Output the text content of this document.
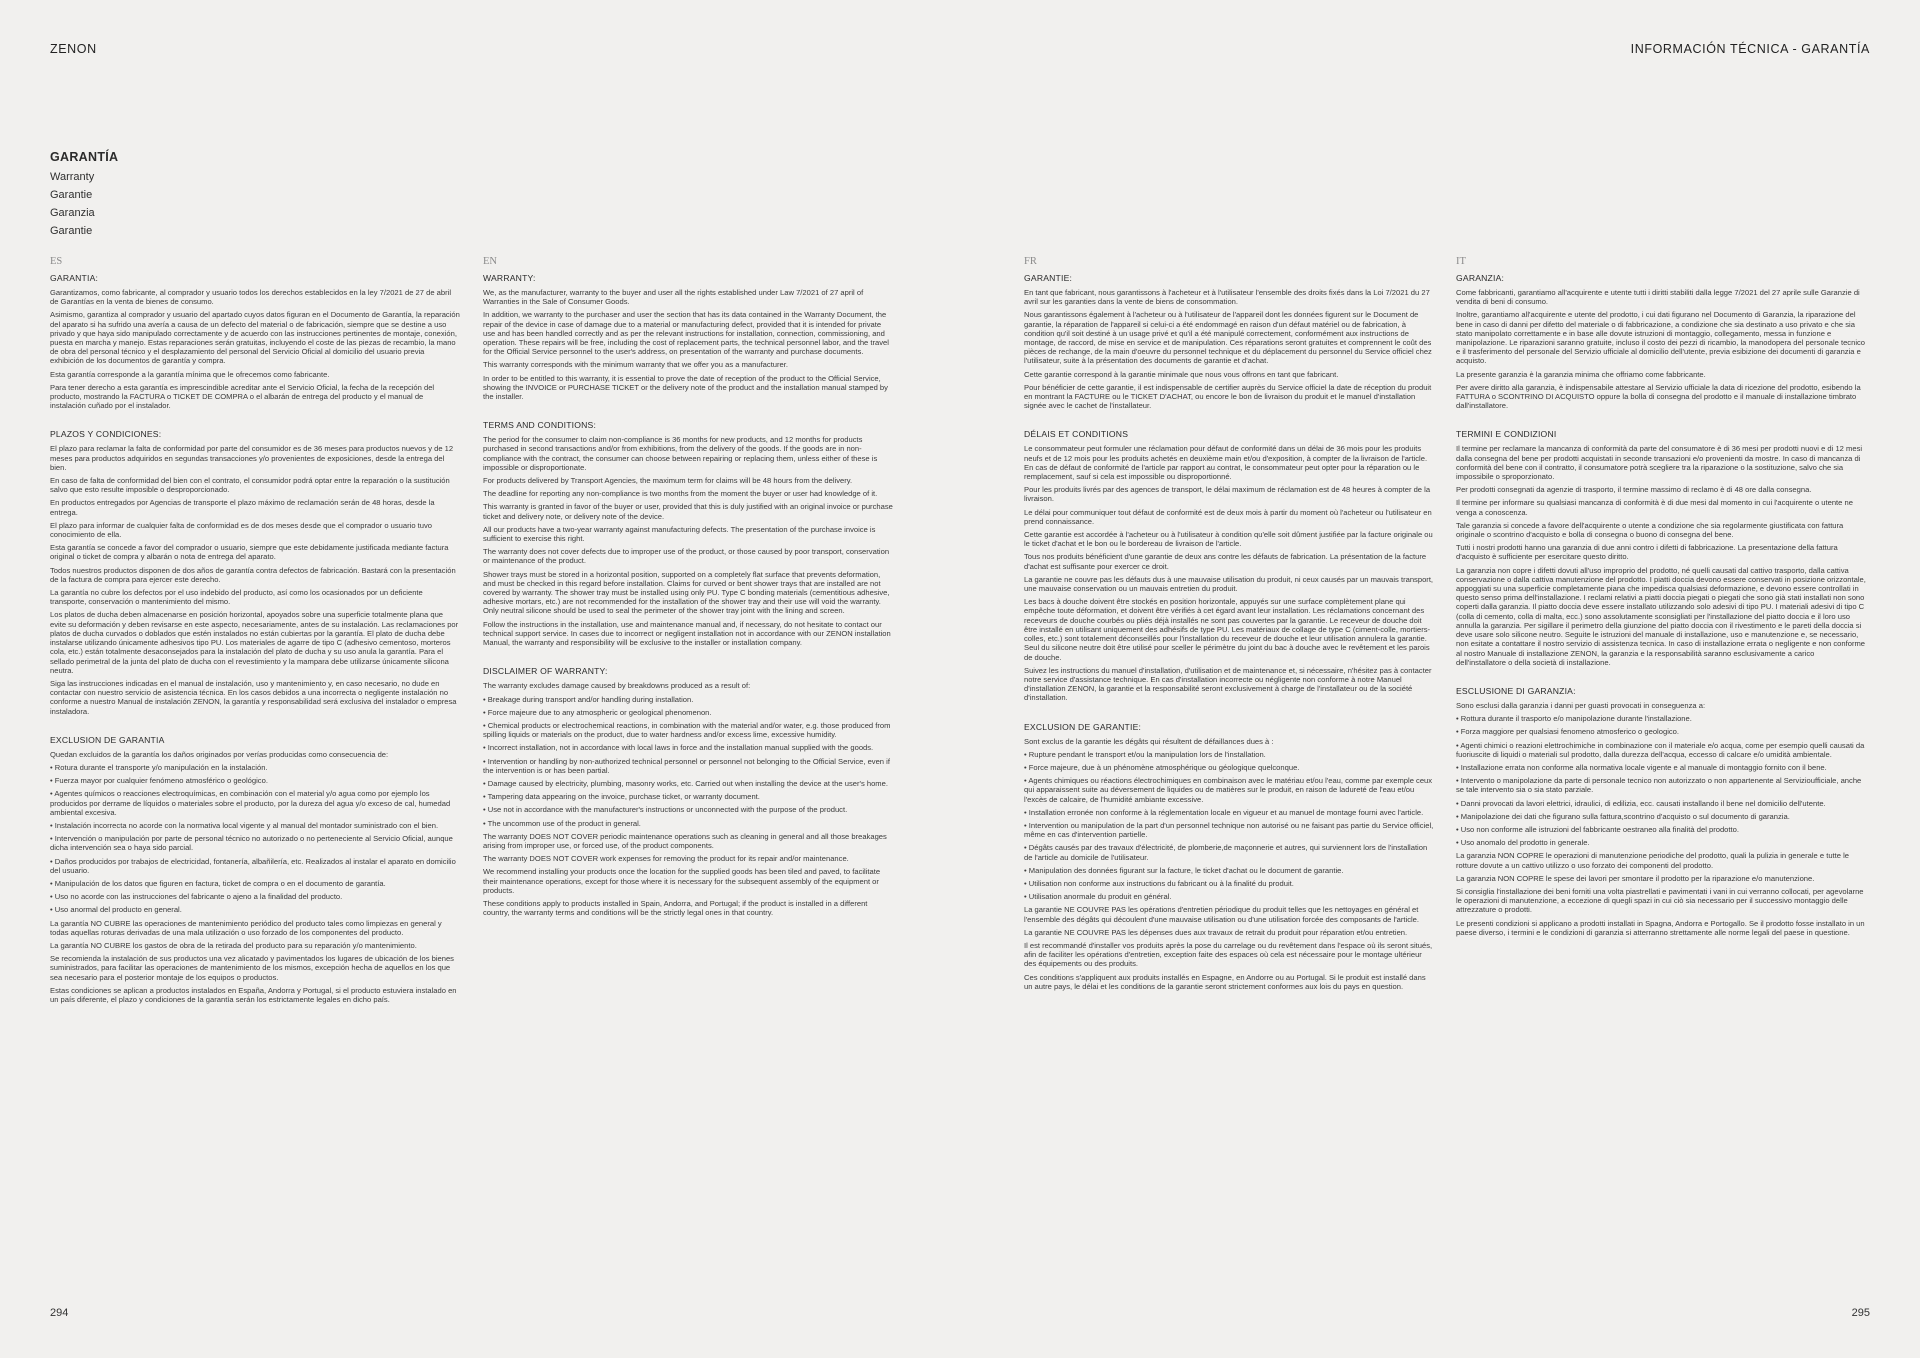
ZENON	INFORMACIÓN TÉCNICA - GARANTÍA
GARANTÍA
Warranty
Garantie
Garanzia
Garantie
ES
GARANTIA:
Garantizamos, como fabricante, al comprador y usuario todos los derechos establecidos en la ley 7/2021 de 27 de abril de Garantías en la venta de bienes de consumo.
Asimismo, garantiza al comprador y usuario del apartado cuyos datos figuran en el Documento de Garantía, la reparación del aparato si ha sufrido una avería a causa de un defecto del material o de fabricación, siempre que se destine a uso privado y que haya sido manipulado correctamente y de acuerdo con las instrucciones pertinentes de montaje, conexión, puesta en marcha y manejo. Estas reparaciones serán gratuitas, incluyendo el coste de las piezas de recambio, la mano de obra del personal técnico y el desplazamiento del personal del Servicio Oficial al domicilio del usuario previa exhibición de los documentos de garantía y compra.
Esta garantía corresponde a la garantía mínima que le ofrecemos como fabricante.
Para tener derecho a esta garantía es imprescindible acreditar ante el Servicio Oficial, la fecha de la recepción del producto, mostrando la FACTURA o TICKET DE COMPRA o el albarán de entrega del producto y el manual de instalación cuñado por el instalador.
PLAZOS Y CONDICIONES:
El plazo para reclamar la falta de conformidad por parte del consumidor es de 36 meses para productos nuevos y de 12 meses para productos adquiridos en segundas transacciones y/o provenientes de exposiciones, desde la entrega del bien.
En caso de falta de conformidad del bien con el contrato, el consumidor podrá optar entre la reparación o la sustitución salvo que esto resulte imposible o desproporcionado.
En productos entregados por Agencias de transporte el plazo máximo de reclamación serán de 48 horas, desde la entrega.
El plazo para informar de cualquier falta de conformidad es de dos meses desde que el comprador o usuario tuvo conocimiento de ella.
Esta garantía se concede a favor del comprador o usuario, siempre que este debidamente justificada mediante factura original o ticket de compra y albarán o nota de entrega del aparato.
Todos nuestros productos disponen de dos años de garantía contra defectos de fabricación. Bastará con la presentación de la factura de compra para ejercer este derecho.
La garantía no cubre los defectos por el uso indebido del producto, así como los ocasionados por un deficiente transporte, conservación o mantenimiento del mismo.
Los platos de ducha deben almacenarse en posición horizontal, apoyados sobre una superficie totalmente plana que evite su deformación y deben revisarse en este aspecto, necesariamente, antes de su instalación. Las reclamaciones por platos de ducha curvados o doblados que estén instalados no están cubiertas por la garantía. El plato de ducha debe instalarse utilizando únicamente adhesivos tipo PU. Los materiales de agarre de tipo C (adhesivo cementoso, morteros cola, etc.) están totalmente desaconsejados para la instalación del plato de ducha y su uso anula la garantía. Para el sellado perimetral de la junta del plato de ducha con el revestimiento y la mampara debe utilizarse únicamente silicona neutra.
Siga las instrucciones indicadas en el manual de instalación, uso y mantenimiento y, en caso necesario, no dude en contactar con nuestro servicio de asistencia técnica. En los casos debidos a una incorrecta o negligente instalación no conforme a nuestro Manual de instalación ZENON, la garantía y responsabilidad será exclusiva del instalador o empresa instaladora.
EXCLUSION DE GARANTIA
Quedan excluidos de la garantía los daños originados por verías producidas como consecuencia de:
• Rotura durante el transporte y/o manipulación en la instalación.
• Fuerza mayor por cualquier fenómeno atmosférico o geológico.
• Agentes químicos o reacciones electroquímicas, en combinación con el material y/o agua como por ejemplo los producidos por derrame de líquidos o materiales sobre el producto, por la dureza del agua y/o exceso de cal, humedad ambiental excesiva.
• Instalación incorrecta no acorde con la normativa local vigente y al manual del montador suministrado con el bien.
• Intervención o manipulación por parte de personal técnico no autorizado o no perteneciente al Servicio Oficial, aunque dicha intervención sea o haya sido parcial.
• Daños producidos por trabajos de electricidad, fontanería, albañilería, etc. Realizados al instalar el aparato en domicilio del usuario.
• Manipulación de los datos que figuren en factura, ticket de compra o en el documento de garantía.
• Uso no acorde con las instrucciones del fabricante o ajeno a la finalidad del producto.
• Uso anormal del producto en general.
La garantía NO CUBRE las operaciones de mantenimiento periódico del producto tales como limpiezas en general y todas aquellas roturas derivadas de una mala utilización o uso forzado de los componentes del producto.
La garantía NO CUBRE los gastos de obra de la retirada del producto para su reparación y/o mantenimiento.
Se recomienda la instalación de sus productos una vez alicatado y pavimentados los lugares de ubicación de los bienes suministrados, para facilitar las operaciones de mantenimiento de los mismos, excepción hecha de aquellos en los que sea necesario para el posterior montaje de los equipos o productos.
Estas condiciones se aplican a productos instalados en España, Andorra y Portugal, si el producto estuviera instalado en un país diferente, el plazo y condiciones de la garantía serán los estrictamente legales en dicho país.
EN
WARRANTY:
We, as the manufacturer, warranty to the buyer and user all the rights established under Law 7/2021 of 27 april of Warranties in the Sale of Consumer Goods.
In addition, we warranty to the purchaser and user the section that has its data contained in the Warranty Document, the repair of the device in case of damage due to a material or manufacturing defect, provided that it is intended for private use and has been handled correctly and as per the relevant instructions for installation, connection, commissioning, and operation. These repairs will be free, including the cost of replacement parts, the technical personnel labor, and the travel for the Official Service personnel to the user's address, on presentation of the warranty and purchase documents.
This warranty corresponds with the minimum warranty that we offer you as a manufacturer.
In order to be entitled to this warranty, it is essential to prove the date of reception of the product to the Official Service, showing the INVOICE or PURCHASE TICKET or the delivery note of the product and the installation manual stamped by the installer.
TERMS AND CONDITIONS:
The period for the consumer to claim non-compliance is 36 months for new products, and 12 months for products purchased in second transactions and/or from exhibitions, from the delivery of the goods. If the goods are in non-compliance with the contract, the consumer can choose between repairing or replacing them, unless either of these is impossible or disproportionate.
For products delivered by Transport Agencies, the maximum term for claims will be 48 hours from the delivery.
The deadline for reporting any non-compliance is two months from the moment the buyer or user had knowledge of it.
This warranty is granted in favor of the buyer or user, provided that this is duly justified with an original invoice or purchase ticket and delivery note, or delivery note of the device.
All our products have a two-year warranty against manufacturing defects. The presentation of the purchase invoice is sufficient to exercise this right.
The warranty does not cover defects due to improper use of the product, or those caused by poor transport, conservation or maintenance of the product.
Shower trays must be stored in a horizontal position, supported on a completely flat surface that prevents deformation, and must be checked in this regard before installation. Claims for curved or bent shower trays that are installed are not covered by warranty. The shower tray must be installed using only PU. Type C bonding materials (cementitious adhesive, adhesive mortars, etc.) are not recommended for the installation of the shower tray and their use will void the warranty. Only neutral silicone should be used to seal the perimeter of the shower tray joint with the lining and screen.
Follow the instructions in the installation, use and maintenance manual and, if necessary, do not hesitate to contact our technical support service. In cases due to incorrect or negligent installation not in accordance with our ZENON installation Manual, the warranty and responsibility will be exclusive to the installer or installation company.
DISCLAIMER OF WARRANTY:
The warranty excludes damage caused by breakdowns produced as a result of:
• Breakage during transport and/or handling during installation.
• Force majeure due to any atmospheric or geological phenomenon.
• Chemical products or electrochemical reactions, in combination with the material and/or water, e.g. those produced from spilling liquids or materials on the product, due to water hardness and/or excess lime, excessive humidity.
• Incorrect installation, not in accordance with local laws in force and the installation manual supplied with the goods.
• Intervention or handling by non-authorized technical personnel or personnel not belonging to the Official Service, even if the intervention is or has been partial.
• Damage caused by electricity, plumbing, masonry works, etc. Carried out when installing the device at the user's home.
• Tampering data appearing on the invoice, purchase ticket, or warranty document.
• Use not in accordance with the manufacturer's instructions or unconnected with the purpose of the product.
• The uncommon use of the product in general.
The warranty DOES NOT COVER periodic maintenance operations such as cleaning in general and all those breakages arising from improper use, or forced use, of the product components.
The warranty DOES NOT COVER work expenses for removing the product for its repair and/or maintenance.
We recommend installing your products once the location for the supplied goods has been tiled and paved, to facilitate their maintenance operations, except for those where it is necessary for the subsequent assembly of the equipment or products.
These conditions apply to products installed in Spain, Andorra, and Portugal; if the product is installed in a different country, the warranty terms and conditions will be the strictly legal ones in that country.
FR
GARANTIE:
En tant que fabricant, nous garantissons à l'acheteur et à l'utilisateur l'ensemble des droits fixés dans la Loi 7/2021 du 27 avril sur les garanties dans la vente de biens de consommation.
Nous garantissons également à l'acheteur ou à l'utilisateur de l'appareil dont les données figurent sur le Document de garantie, la réparation de l'appareil si celui-ci a été endommagé en raison d'un défaut matériel ou de fabrication, à condition qu'il soit destiné à un usage privé et qu'il a été manipulé correctement, conformément aux instructions de montage, de raccord, de mise en service et de manipulation. Ces réparations seront gratuites et comprennent le coût des pièces de rechange, de la main d'oeuvre du personnel technique et du déplacement du personnel du Service officiel chez l'utilisateur, suite à la présentation des documents de garantie et d'achat.
Cette garantie correspond à la garantie minimale que nous vous offrons en tant que fabricant.
Pour bénéficier de cette garantie, il est indispensable de certifier auprès du Service officiel la date de réception du produit en montrant la FACTURE ou le TICKET D'ACHAT, ou encore le bon de livraison du produit et le manuel d'installation signée avec le cachet de l'installateur.
DÉLAIS ET CONDITIONS
Le consommateur peut formuler une réclamation pour défaut de conformité dans un délai de 36 mois pour les produits neufs et de 12 mois pour les produits achetés en deuxième main et/ou d'exposition, à compter de la livraison de l'article. En cas de défaut de conformité de l'article par rapport au contrat, le consommateur peut opter pour la réparation ou le remplacement, sauf si cela est impossible ou disproportionné.
Pour les produits livrés par des agences de transport, le délai maximum de réclamation est de 48 heures à compter de la livraison.
Le délai pour communiquer tout défaut de conformité est de deux mois à partir du moment où l'acheteur ou l'utilisateur en prend connaissance.
Cette garantie est accordée à l'acheteur ou à l'utilisateur à condition qu'elle soit dûment justifiée par la facture originale ou le ticket d'achat et le bon ou le bordereau de livraison de l'article.
Tous nos produits bénéficient d'une garantie de deux ans contre les défauts de fabrication. La présentation de la facture d'achat est suffisante pour exercer ce droit.
La garantie ne couvre pas les défauts dus à une mauvaise utilisation du produit, ni ceux causés par un mauvais transport, une mauvaise conservation ou un mauvais entretien du produit.
Les bacs à douche doivent être stockés en position horizontale, appuyés sur une surface complètement plane qui empêche toute déformation, et doivent être vérifiés à cet égard avant leur installation. Les réclamations concernant des receveurs de douche courbés ou pliés déjà installés ne sont pas couvertes par la garantie. Le receveur de douche doit être installé en utilisant uniquement des adhésifs de type PU. Les matériaux de collage de type C (ciment-colle, mortiers-colles, etc.) sont totalement déconseillés pour l'installation du receveur de douche et leur utilisation annulera la garantie. Seul du silicone neutre doit être utilisé pour sceller le périmètre du joint du bac à douche avec le revêtement et les parois de douche.
Suivez les instructions du manuel d'installation, d'utilisation et de maintenance et, si nécessaire, n'hésitez pas à contacter notre service d'assistance technique. En cas d'installation incorrecte ou négligente non conforme à notre Manuel d'installation ZENON, la garantie et la responsabilité seront exclusivement à charge de l'installateur ou de la société d'installation.
EXCLUSION DE GARANTIE:
Sont exclus de la garantie les dégâts qui résultent de défaillances dues à :
• Rupture pendant le transport et/ou la manipulation lors de l'installation.
• Force majeure, due à un phénomène atmosphérique ou géologique quelconque.
• Agents chimiques ou réactions électrochimiques en combinaison avec le matériau et/ou l'eau, comme par exemple ceux qui apparaissent suite au déversement de liquides ou de matières sur le produit, en raison de ladureté de l'eau et/ou l'excès de calcaire, de l'humidité ambiante excessive.
• Installation erronée non conforme à la réglementation locale en vigueur et au manuel de montage fourni avec l'article.
• Intervention ou manipulation de la part d'un personnel technique non autorisé ou ne faisant pas partie du Service officiel, même en cas d'intervention partielle.
• Dégâts causés par des travaux d'électricité, de plomberie,de maçonnerie et autres, qui surviennent lors de l'installation de l'article au domicile de l'utilisateur.
• Manipulation des données figurant sur la facture, le ticket d'achat ou le document de garantie.
• Utilisation non conforme aux instructions du fabricant ou à la finalité du produit.
• Utilisation anormale du produit en général.
La garantie NE COUVRE PAS les opérations d'entretien périodique du produit telles que les nettoyages en général et l'ensemble des dégâts qui découlent d'une mauvaise utilisation ou d'une utilisation forcée des composants de l'article.
La garantie NE COUVRE PAS les dépenses dues aux travaux de retrait du produit pour réparation et/ou entretien.
Il est recommandé d'installer vos produits après la pose du carrelage ou du revêtement dans l'espace où ils seront situés, afin de faciliter les opérations d'entretien, exception faite des espaces où cela est nécessaire pour le montage ultérieur des équipements ou des produits.
Ces conditions s'appliquent aux produits installés en Espagne, en Andorre ou au Portugal. Si le produit est installé dans un autre pays, le délai et les conditions de la garantie seront strictement conformes aux lois du pays en question.
IT
GARANZIA:
Come fabbricanti, garantiamo all'acquirente e utente tutti i diritti stabiliti dalla legge 7/2021 del 27 aprile sulle Garanzie di vendita di beni di consumo.
Inoltre, garantiamo all'acquirente e utente del prodotto, i cui dati figurano nel Documento di Garanzia, la riparazione del bene in caso di danni per difetto del materiale o di fabbricazione, a condizione che sia destinato a uso privato e che sia stato manipolato correttamente e in base alle dovute istruzioni di montaggio, collegamento, messa in funzione e manipolazione. Le riparazioni saranno gratuite, incluso il costo dei pezzi di ricambio, la manodopera del personale tecnico e il trasferimento del personale del Servizio ufficiale al domicilio dell'utente, previa esibizione dei documenti di garanzia e acquisto.
La presente garanzia è la garanzia minima che offriamo come fabbricante.
Per avere diritto alla garanzia, è indispensabile attestare al Servizio ufficiale la data di ricezione del prodotto, esibendo la FATTURA o SCONTRINO DI ACQUISTO oppure la bolla di consegna del prodotto e il manuale di installazione timbrato dall'installatore.
TERMINI E CONDIZIONI
Il termine per reclamare la mancanza di conformità da parte del consumatore è di 36 mesi per prodotti nuovi e di 12 mesi dalla consegna del bene per prodotti acquistati in seconde transazioni e/o provenienti da mostre. In caso di mancanza di conformità del bene con il contratto, il consumatore potrà scegliere tra la riparazione o la sostituzione, salvo che sia impossibile o sproporzionato.
Per prodotti consegnati da agenzie di trasporto, il termine massimo di reclamo è di 48 ore dalla consegna.
Il termine per informare su qualsiasi mancanza di conformità è di due mesi dal momento in cui l'acquirente o utente ne venga a conoscenza.
Tale garanzia si concede a favore dell'acquirente o utente a condizione che sia regolarmente giustificata con fattura originale o scontrino d'acquisto e bolla di consegna o buono di consegna del bene.
Tutti i nostri prodotti hanno una garanzia di due anni contro i difetti di fabbricazione. La presentazione della fattura d'acquisto è sufficiente per esercitare questo diritto.
La garanzia non copre i difetti dovuti all'uso improprio del prodotto, né quelli causati dal cattivo trasporto, dalla cattiva conservazione o dalla cattiva manutenzione del prodotto. I piatti doccia devono essere conservati in posizione orizzontale, appoggiati su una superficie completamente piana che impedisca qualsiasi deformazione, e devono essere controllati in questo senso prima dell'installazione. I reclami relativi a piatti doccia piegati o piegati che sono già stati installati non sono coperti dalla garanzia. Il piatto doccia deve essere installato utilizzando solo adesivi di tipo PU. I materiali adesivi di tipo C (colla di cemento, colla di malta, ecc.) sono assolutamente sconsigliati per l'installazione del piatto doccia e il loro uso annulla la garanzia. Per sigillare il perimetro della giunzione del piatto doccia con il rivestimento e le pareti della doccia si deve usare solo silicone neutro. Seguite le istruzioni del manuale di installazione, uso e manutenzione e, se necessario, non esitate a contattare il nostro servizio di assistenza tecnica. In caso di installazione errata o negligente e non conforme al nostro Manuale di installazione ZENON, la garanzia e la responsabilità saranno esclusivamente a carico dell'installatore o della società di installazione.
ESCLUSIONE DI GARANZIA:
Sono esclusi dalla garanzia i danni per guasti provocati in conseguenza a:
• Rottura durante il trasporto e/o manipolazione durante l'installazione.
• Forza maggiore per qualsiasi fenomeno atmosferico o geologico.
• Agenti chimici o reazioni elettrochimiche in combinazione con il materiale e/o acqua, come per esempio quelli causati da fuoriuscite di liquidi o materiali sul prodotto, dalla durezza dell'acqua, eccesso di calcare e/o umidità ambientale.
• Installazione errata non conforme alla normativa locale vigente e al manuale di montaggio fornito con il bene.
• Intervento o manipolazione da parte di personale tecnico non autorizzato o non appartenente al Servizioufficiale, anche se tale intervento sia o sia stato parziale.
• Danni provocati da lavori elettrici, idraulici, di edilizia, ecc. causati installando il bene nel domicilio dell'utente.
• Manipolazione dei dati che figurano sulla fattura,scontrino d'acquisto o sul documento di garanzia.
• Uso non conforme alle istruzioni del fabbricante oestraneo alla finalità del prodotto.
• Uso anomalo del prodotto in generale.
La garanzia NON COPRE le operazioni di manutenzione periodiche del prodotto, quali la pulizia in generale e tutte le rotture dovute a un cattivo utilizzo o uso forzato dei componenti del prodotto.
La garanzia NON COPRE le spese dei lavori per smontare il prodotto per la riparazione e/o manutenzione.
Si consiglia l'installazione dei beni forniti una volta piastrellati e pavimentati i vani in cui verranno collocati, per agevolarne le operazioni di manutenzione, a eccezione di quegli spazi in cui ciò sia necessario per il successivo montaggio delle attrezzature o prodotti.
Le presenti condizioni si applicano a prodotti installati in Spagna, Andorra e Portogallo. Se il prodotto fosse installato in un paese diverso, i termini e le condizioni di garanzia si atterranno strettamente alle norme legali del paese in questione.
294	295
